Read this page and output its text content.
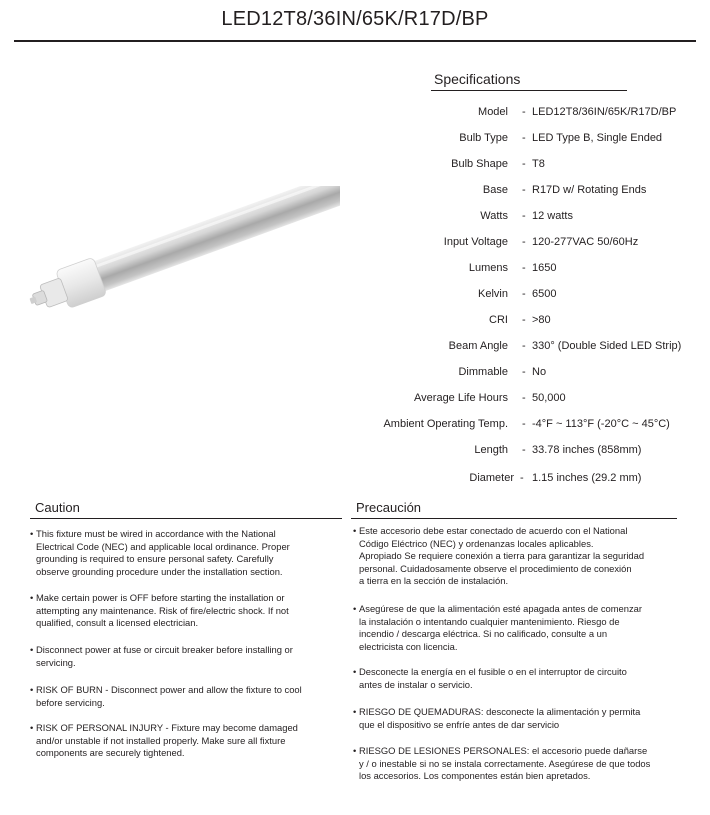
LED12T8/36IN/65K/R17D/BP
Specifications
Model - LED12T8/36IN/65K/R17D/BP
Bulb Type - LED Type B, Single Ended
Bulb Shape - T8
Base - R17D w/ Rotating Ends
Watts - 12 watts
Input Voltage - 120-277VAC 50/60Hz
Lumens - 1650
Kelvin - 6500
CRI - >80
Beam Angle - 330° (Double Sided LED Strip)
Dimmable - No
Average Life Hours - 50,000
Ambient Operating Temp. - -4°F ~ 113°F (-20°C ~ 45°C)
Length - 33.78 inches (858mm)
Diameter - 1.15 inches (29.2 mm)
Caution
• This fixture must be wired in accordance with the National
Electrical Code (NEC) and applicable local ordinance. Proper
grounding is required to ensure personal safety. Carefully
observe grounding procedure under the installation section.
• Make certain power is OFF before starting the installation or
attempting any maintenance. Risk of fire/electric shock. If not
qualified, consult a licensed electrician.
• Disconnect power at fuse or circuit breaker before installing or
servicing.
• RISK OF BURN - Disconnect power and allow the fixture to cool
before servicing.
• RISK OF PERSONAL INJURY - Fixture may become damaged
and/or unstable if not installed properly. Make sure all fixture
components are securely tightened.
Precaución
• Este accesorio debe estar conectado de acuerdo con el National
Código Eléctrico (NEC) y ordenanzas locales aplicables.
Apropiado Se requiere conexión a tierra para garantizar la seguridad
personal. Cuidadosamente observe el procedimiento de conexión
a tierra en la sección de instalación.
• Asegúrese de que la alimentación esté apagada antes de comenzar
la instalación o intentando cualquier mantenimiento. Riesgo de
incendio / descarga eléctrica. Si no calificado, consulte a un
electricista con licencia.
• Desconecte la energía en el fusible o en el interruptor de circuito
antes de instalar o servicio.
• RIESGO DE QUEMADURAS: desconecte la alimentación y permita
que el dispositivo se enfríe antes de dar servicio
• RIESGO DE LESIONES PERSONALES: el accesorio puede dañarse
y / o inestable si no se instala correctamente. Asegúrese de que todos
los accesorios. Los componentes están bien apretados.
